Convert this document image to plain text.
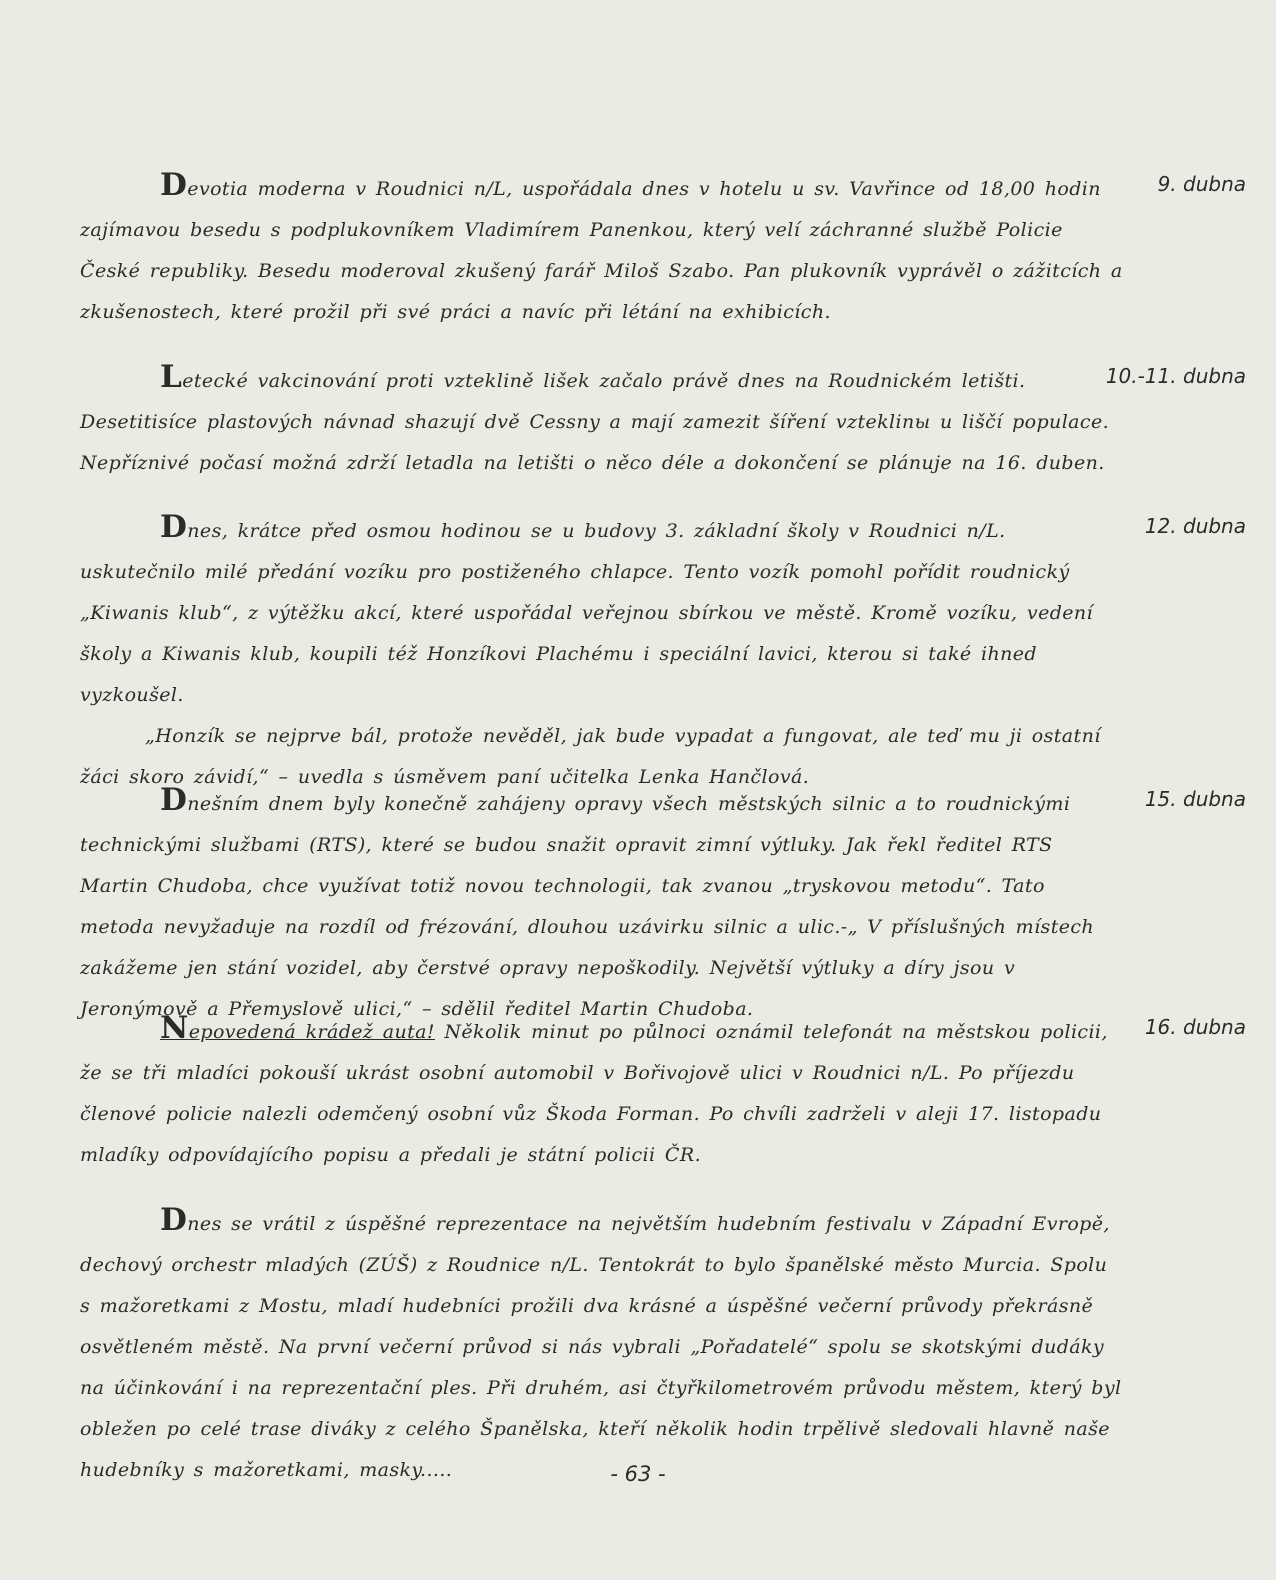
Devotia moderna v Roudnici n/L, uspořádala dnes v hotelu u sv. Vavřince od 18,00 hodin zajímavou besedu s podplukovníkem Vladimírem Panenkou, který velí záchranné službě Policie České republiky. Besedu moderoval zkušený farář Miloš Szabo. Pan plukovník vyprávěl o zážitcích a zkušenostech, které prožil při své práci a navíc při létání na exhibicích.

9. dubna

Letecké vakcinování proti vzteklině lišek začalo právě dnes na Roudnickém letišti. Desetitisíce plastových návnad shazují dvě Cessny a mají zamezit šíření vzteklinы u liščí populace. Nepříznivé počasí možná zdrží letadla na letišti o něco déle a dokončení se plánuje na 16. duben.

10.-11. dubna

Dnes, krátce před osmou hodinou se u budovy 3. základní školy v Roudnici n/L. uskutečnilo milé předání vozíku pro postiženého chlapce. Tento vozík pomohl pořídit roudnický „Kiwanis klub“, z výtěžku akcí, které uspořádal veřejnou sbírkou ve městě. Kromě vozíku, vedení školy a Kiwanis klub, koupili též Honzíkovi Plachému i speciální lavici, kterou si také ihned vyzkoušel.

„Honzík se nejprve bál, protože nevěděl, jak bude vypadat a fungovat, ale teď mu ji ostatní žáci skoro závidí,“ – uvedla s úsměvem paní učitelka Lenka Hančlová.

12. dubna

Dnešním dnem byly konečně zahájeny opravy všech městských silnic a to roudnickými technickými službami (RTS), které se budou snažit opravit zimní výtluky. Jak řekl ředitel RTS Martin Chudoba, chce využívat totiž novou technologii, tak zvanou „tryskovou metodu“. Tato metoda nevyžaduje na rozdíl od frézování, dlouhou uzávirku silnic a ulic.-„ V příslušných místech zakážeme jen stání vozidel, aby čerstvé opravy nepoškodily. Největší výtluky a díry jsou v Jeronýmově a Přemyslově ulici,“ – sdělil ředitel Martin Chudoba.

15. dubna

Nepovedená krádež auta! Několik minut po půlnoci oznámil telefonát na městskou policii, že se tři mladíci pokouší ukrást osobní automobil v Bořivojově ulici v Roudnici n/L. Po příjezdu členové policie nalezli odemčený osobní vůz Škoda Forman. Po chvíli zadrželi v aleji 17. listopadu mladíky odpovídajícího popisu a předali je státní policii ČR.

16. dubna

Dnes se vrátil z úspěšné reprezentace na největším hudebním festivalu v Západní Evropě, dechový orchestr mladých (ZÚŠ) z Roudnice n/L. Tentokrát to bylo španělské město Murcia. Spolu s mažoretkami z Mostu, mladí hudebníci prožili dva krásné a úspěšné večerní průvody překrásně osvětleném městě. Na první večerní průvod si nás vybrali „Pořadatelé“ spolu se skotskými dudáky na účinkování i na reprezentační ples. Při druhém, asi čtyřkilometrovém průvodu městem, který byl obležen po celé trase diváky z celého Španělska, kteří několik hodin trpělivě sledovali hlavně naše hudebníky s mažoretkami, masky.....	- 63 -
